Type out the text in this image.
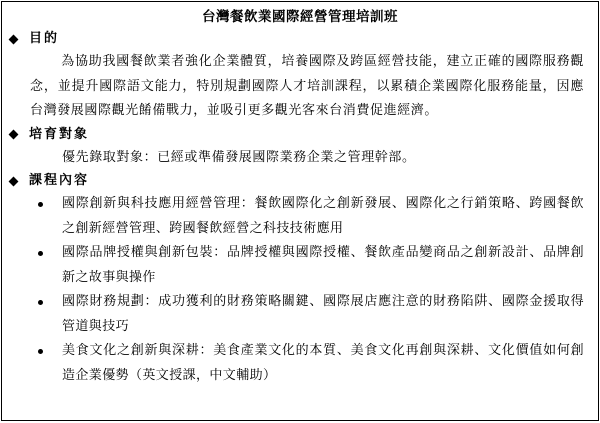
台灣餐飲業國際經營管理培訓班
目的

為協助我國餐飲業者強化企業體質，培養國際及跨區經營技能，建立正確的國際服務觀念，並提升國際語文能力，特別規劃國際人才培訓課程，以累積企業國際化服務能量，因應台灣發展國際觀光餚備戰力，並吸引更多觀光客來台消費促進經濟。

培育對象

優先錄取對象：已經或準備發展國際業務企業之管理幹部。

課程內容
國際創新與科技應用經營管理：餐飲國際化之創新發展、國際化之行銷策略、跨國餐飲之創新經營管理、跨國餐飲經營之科技技術應用
國際品牌授權與創新包裝：品牌授權與國際授權、餐飲產品變商品之創新設計、品牌創新之故事與操作
國際財務規劃：成功獲利的財務策略關鍵、國際展店應注意的財務陷阱、國際金援取得管道與技巧
美食文化之創新與深耕：美食產業文化的本質、美食文化再創與深耕、文化價值如何創造企業優勢（英文授課，中文輔助）
